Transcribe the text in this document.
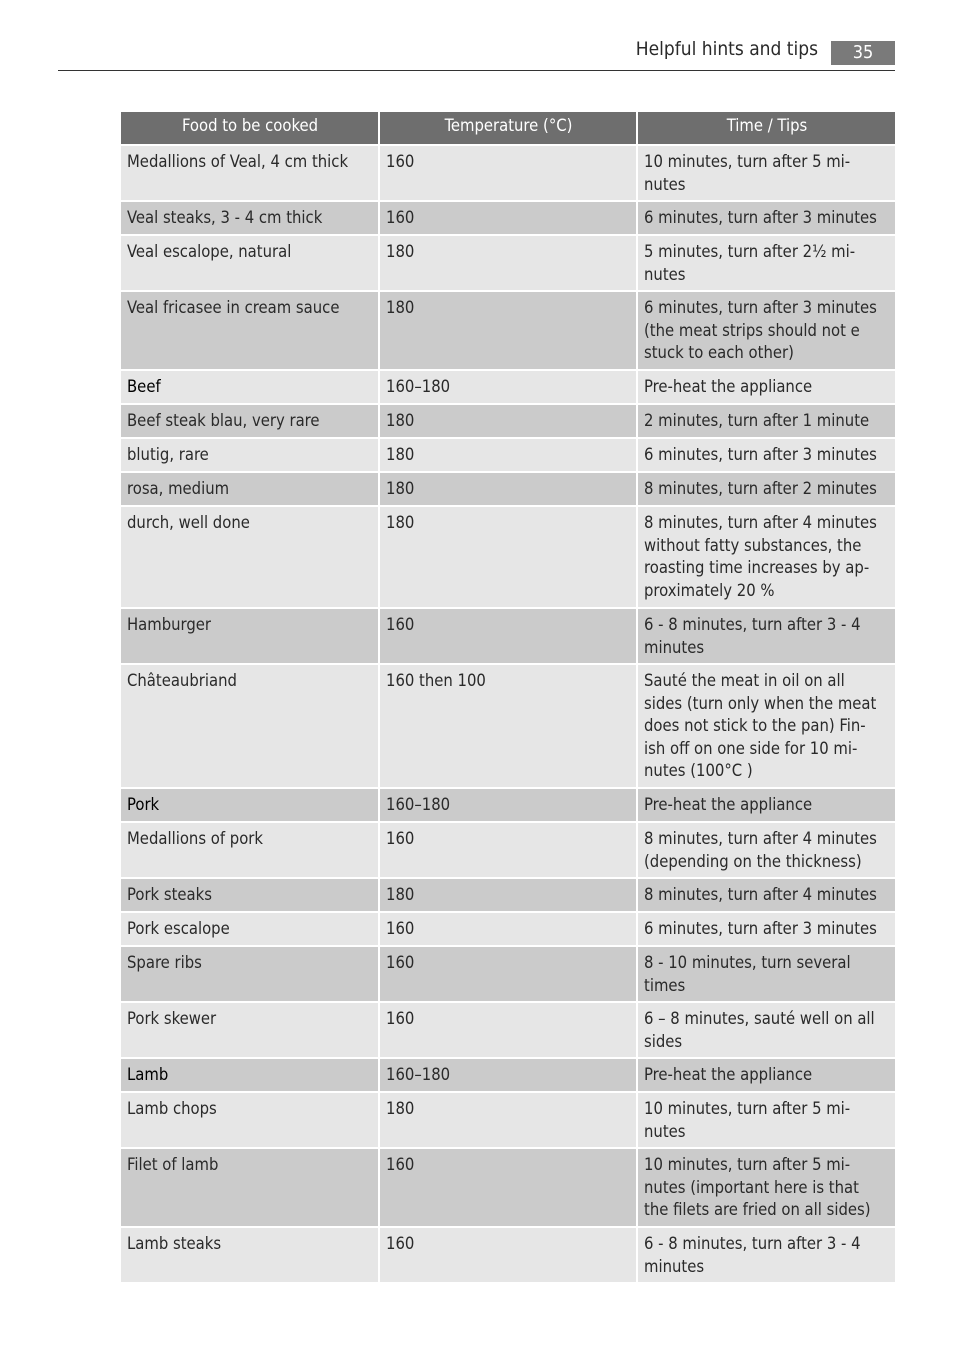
Helpful hints and tips	35
Food to be cooked	Temperature (°C)	Time / Tips
Medallions of Veal, 4 cm thick	160	10 minutes, turn after 5 mi-
nutes
Veal steaks, 3 - 4 cm thick	160	6 minutes, turn after 3 minutes
Veal escalope, natural	180	5 minutes, turn after 2½ mi-
nutes
Veal fricasee in cream sauce	180	6 minutes, turn after 3 minutes
(the meat strips should not e
stuck to each other)
Beef	160–180	Pre-heat the appliance
Beef steak blau, very rare	180	2 minutes, turn after 1 minute
blutig, rare	180	6 minutes, turn after 3 minutes
rosa, medium	180	8 minutes, turn after 2 minutes
durch, well done	180	8 minutes, turn after 4 minutes
without fatty substances, the
roasting time increases by ap-
proximately 20 %
Hamburger	160	6 - 8 minutes, turn after 3 - 4
minutes
Châteaubriand	160 then 100	Sauté the meat in oil on all
sides (turn only when the meat
does not stick to the pan) Fin-
ish off on one side for 10 mi-
nutes (100°C )
Pork	160–180	Pre-heat the appliance
Medallions of pork	160	8 minutes, turn after 4 minutes
(depending on the thickness)
Pork steaks	180	8 minutes, turn after 4 minutes
Pork escalope	160	6 minutes, turn after 3 minutes
Spare ribs	160	8 - 10 minutes, turn several
times
Pork skewer	160	6 – 8 minutes, sauté well on all
sides
Lamb	160–180	Pre-heat the appliance
Lamb chops	180	10 minutes, turn after 5 mi-
nutes
Filet of lamb	160	10 minutes, turn after 5 mi-
nutes (important here is that
the filets are fried on all sides)
Lamb steaks	160	6 - 8 minutes, turn after 3 - 4
minutes
